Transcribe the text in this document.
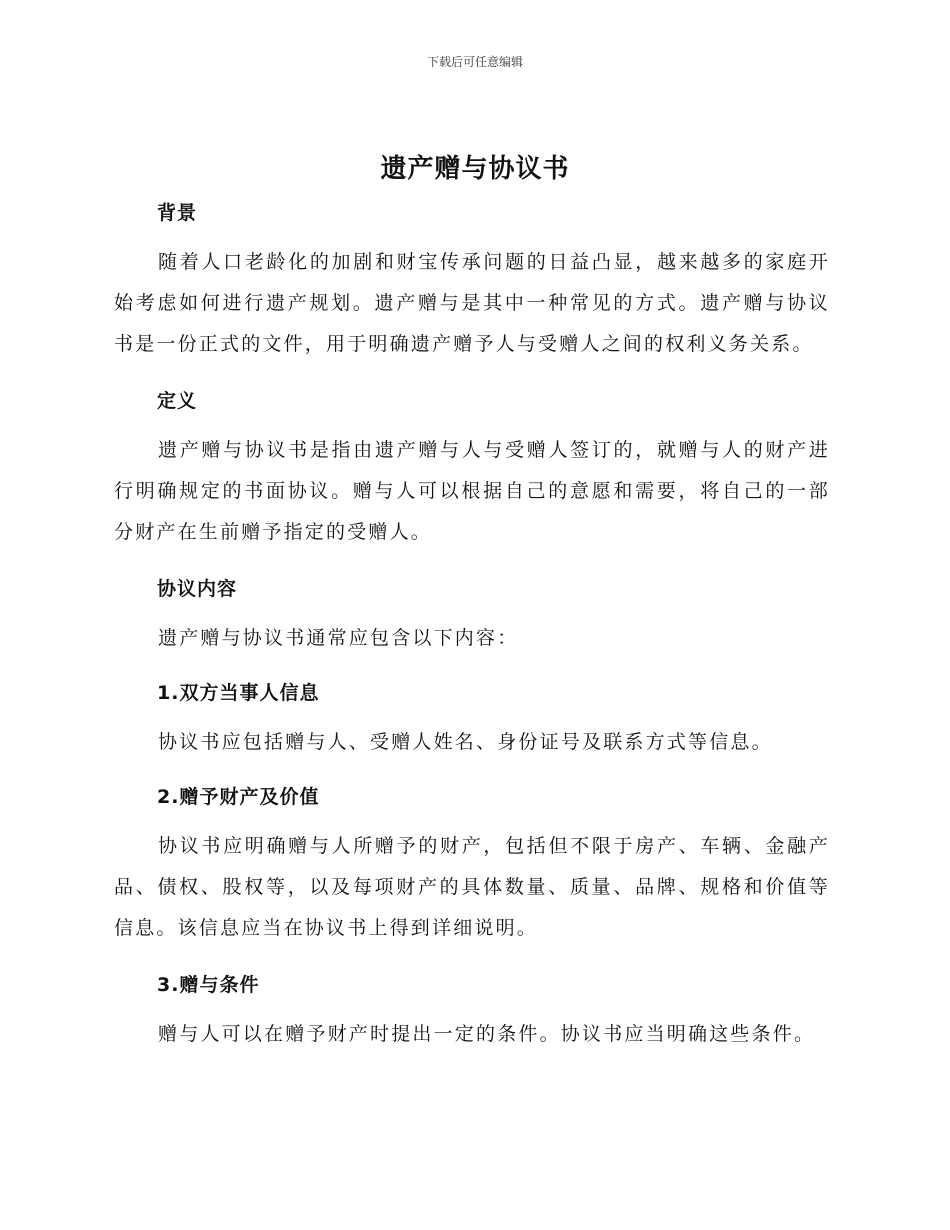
下载后可任意编辑
遗产赠与协议书
背景
随着人口老龄化的加剧和财宝传承问题的日益凸显，越来越多的家庭开始考虑如何进行遗产规划。遗产赠与是其中一种常见的方式。遗产赠与协议书是一份正式的文件，用于明确遗产赠予人与受赠人之间的权利义务关系。
定义
遗产赠与协议书是指由遗产赠与人与受赠人签订的，就赠与人的财产进行明确规定的书面协议。赠与人可以根据自己的意愿和需要，将自己的一部分财产在生前赠予指定的受赠人。
协议内容
遗产赠与协议书通常应包含以下内容：
1.双方当事人信息
协议书应包括赠与人、受赠人姓名、身份证号及联系方式等信息。
2.赠予财产及价值
协议书应明确赠与人所赠予的财产，包括但不限于房产、车辆、金融产品、债权、股权等，以及每项财产的具体数量、质量、品牌、规格和价值等信息。该信息应当在协议书上得到详细说明。
3.赠与条件
赠与人可以在赠予财产时提出一定的条件。协议书应当明确这些条件。
